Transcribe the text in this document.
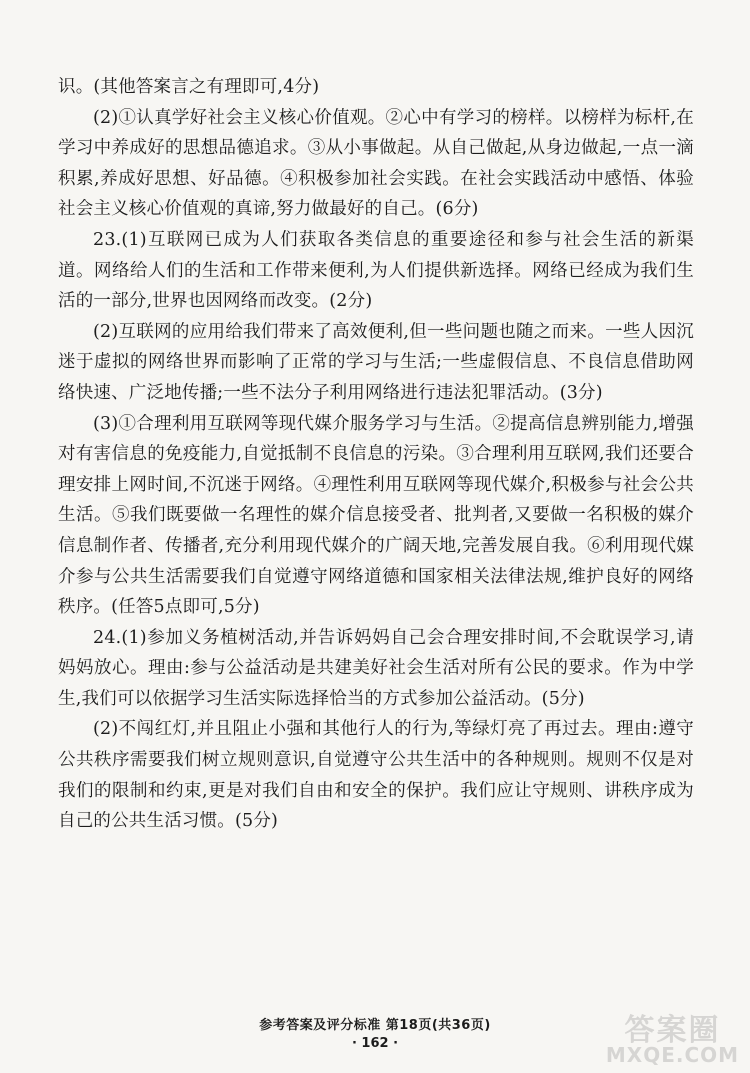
识。(其他答案言之有理即可,4分)

(2)①认真学好社会主义核心价值观。②心中有学习的榜样。以榜样为标杆,在学习中养成好的思想品德追求。③从小事做起。从自己做起,从身边做起,一点一滴积累,养成好思想、好品德。④积极参加社会实践。在社会实践活动中感悟、体验社会主义核心价值观的真谛,努力做最好的自己。(6分)

23.(1)互联网已成为人们获取各类信息的重要途径和参与社会生活的新渠道。网络给人们的生活和工作带来便利,为人们提供新选择。网络已经成为我们生活的一部分,世界也因网络而改变。(2分)

(2)互联网的应用给我们带来了高效便利,但一些问题也随之而来。一些人因沉迷于虚拟的网络世界而影响了正常的学习与生活;一些虚假信息、不良信息借助网络快速、广泛地传播;一些不法分子利用网络进行违法犯罪活动。(3分)

(3)①合理利用互联网等现代媒介服务学习与生活。②提高信息辨别能力,增强对有害信息的免疫能力,自觉抵制不良信息的污染。③合理利用互联网,我们还要合理安排上网时间,不沉迷于网络。④理性利用互联网等现代媒介,积极参与社会公共生活。⑤我们既要做一名理性的媒介信息接受者、批判者,又要做一名积极的媒介信息制作者、传播者,充分利用现代媒介的广阔天地,完善发展自我。⑥利用现代媒介参与公共生活需要我们自觉遵守网络道德和国家相关法律法规,维护良好的网络秩序。(任答5点即可,5分)

24.(1)参加义务植树活动,并告诉妈妈自己会合理安排时间,不会耽误学习,请妈妈放心。理由:参与公益活动是共建美好社会生活对所有公民的要求。作为中学生,我们可以依据学习生活实际选择恰当的方式参加公益活动。(5分)

(2)不闯红灯,并且阻止小强和其他行人的行为,等绿灯亮了再过去。理由:遵守公共秩序需要我们树立规则意识,自觉遵守公共生活中的各种规则。规则不仅是对我们的限制和约束,更是对我们自由和安全的保护。我们应让守规则、讲秩序成为自己的公共生活习惯。(5分)

参考答案及评分标准 第18页(共36页)
· 162 ·	答案圈
MXQE.COM
